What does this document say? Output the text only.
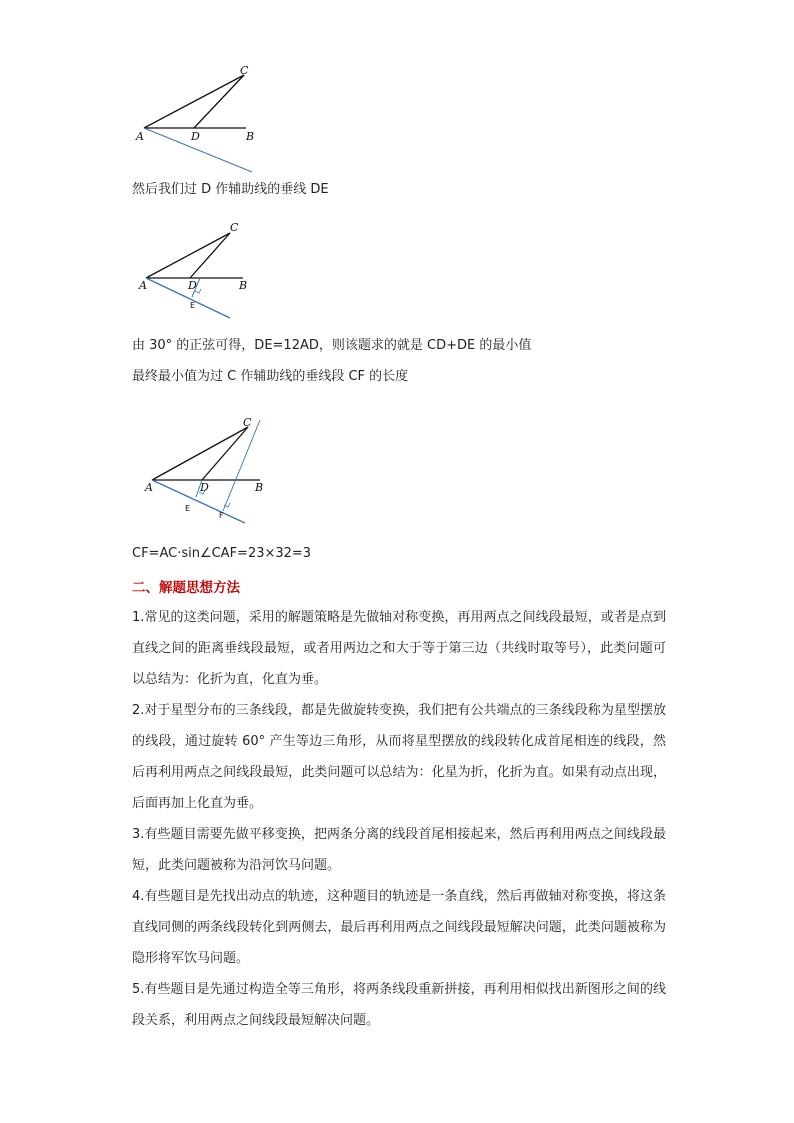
A	D	B
C
然后我们过 D 作辅助线的垂线 DE
A	D	B
C
E
由 30° 的正弦可得，DE=12AD，则该题求的就是 CD+DE 的最小值
最终最小值为过 C 作辅助线的垂线段 CF 的长度
A	D	B
C
E
F
CF=AC·sin∠CAF=23×32=3
二、解题思想方法
1.常见的这类问题，采用的解题策略是先做轴对称变换，再用两点之间线段最短，或者是点到直线之间的距离垂线段最短，或者用两边之和大于等于第三边（共线时取等号），此类问题可以总结为：化折为直，化直为垂。
2.对于星型分布的三条线段，都是先做旋转变换，我们把有公共端点的三条线段称为星型摆放的线段，通过旋转 60° 产生等边三角形，从而将星型摆放的线段转化成首尾相连的线段，然后再利用两点之间线段最短，此类问题可以总结为：化星为折，化折为直。如果有动点出现，后面再加上化直为垂。
3.有些题目需要先做平移变换，把两条分离的线段首尾相接起来，然后再利用两点之间线段最短，此类问题被称为沿河饮马问题。
4.有些题目是先找出动点的轨迹，这种题目的轨迹是一条直线，然后再做轴对称变换，将这条直线同侧的两条线段转化到两侧去，最后再利用两点之间线段最短解决问题，此类问题被称为隐形将军饮马问题。
5.有些题目是先通过构造全等三角形，将两条线段重新拼接，再利用相似找出新图形之间的线段关系，利用两点之间线段最短解决问题。
